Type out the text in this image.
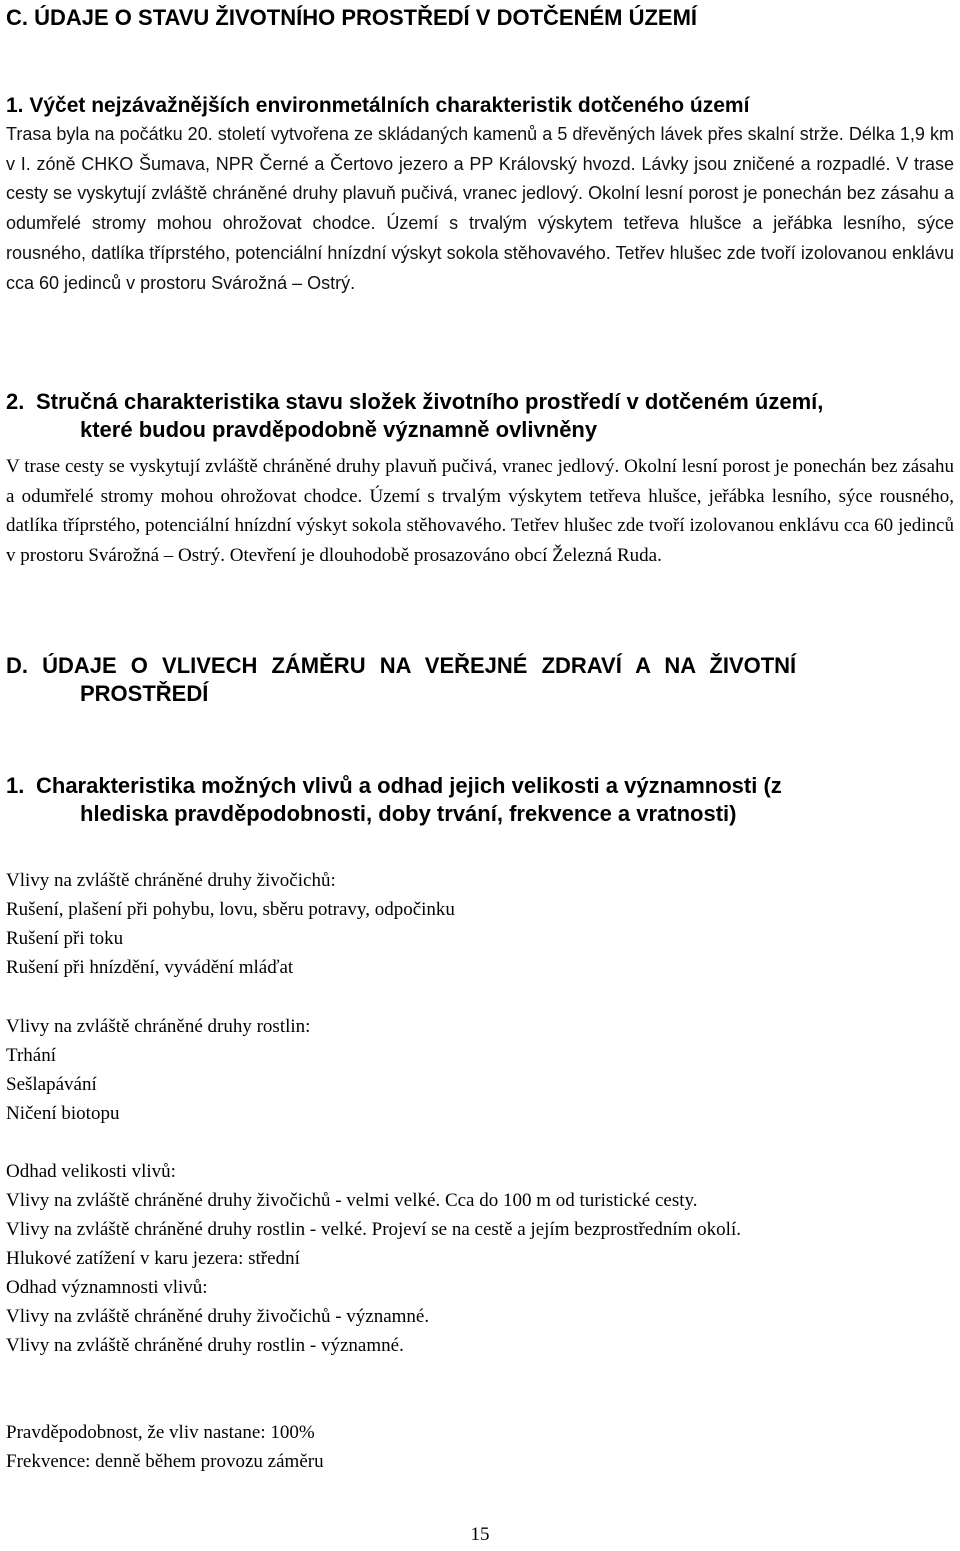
C. ÚDAJE O STAVU ŽIVOTNÍHO PROSTŘEDÍ V DOTČENÉM ÚZEMÍ
1. Výčet nejzávažnějších environmetálních charakteristik dotčeného území

Trasa byla na počátku 20. století vytvořena ze skládaných kamenů a 5 dřevěných lávek přes skalní strže. Délka 1,9 km v I. zóně CHKO Šumava, NPR Černé a Čertovo jezero a PP Královský hvozd. Lávky jsou zničené a rozpadlé. V trase cesty se vyskytují zvláště chráněné druhy plavuň pučivá, vranec jedlový. Okolní lesní porost je ponechán bez zásahu a odumřelé stromy mohou ohrožovat chodce. Území s trvalým výskytem tetřeva hlušce a jeřábka lesního, sýce rousného, datlíka tříprstého, potenciální hnízdní výskyt sokola stěhovavého. Tetřev hlušec zde tvoří izolovanou enklávu cca 60 jedinců v prostoru Svárožná – Ostrý.

2. Stručná charakteristika stavu složek životního prostředí v dotčeném území,
které budou pravděpodobně významně ovlivněny

V trase cesty se vyskytují zvláště chráněné druhy plavuň pučivá, vranec jedlový. Okolní lesní porost je ponechán bez zásahu a odumřelé stromy mohou ohrožovat chodce. Území s trvalým výskytem tetřeva hlušce, jeřábka lesního, sýce rousného, datlíka tříprstého, potenciální hnízdní výskyt sokola stěhovavého. Tetřev hlušec zde tvoří izolovanou enklávu cca 60 jedinců v prostoru Svárožná – Ostrý. Otevření je dlouhodobě prosazováno obcí Železná Ruda.

D. ÚDAJE O VLIVECH ZÁMĚRU NA VEŘEJNÉ ZDRAVÍ A NA ŽIVOTNÍ
PROSTŘEDÍ
1. Charakteristika možných vlivů a odhad jejich velikosti a významnosti (z
hlediska pravděpodobnosti, doby trvání, frekvence a vratnosti)
Vlivy na zvláště chráněné druhy živočichů:
Rušení, plašení při pohybu, lovu, sběru potravy, odpočinku
Rušení při toku
Rušení při hnízdění, vyvádění mláďat
Vlivy na zvláště chráněné druhy rostlin:
Trhání
Sešlapávání
Ničení biotopu
Odhad velikosti vlivů:
Vlivy na zvláště chráněné druhy živočichů - velmi velké. Cca do 100 m od turistické cesty.
Vlivy na zvláště chráněné druhy rostlin - velké. Projeví se na cestě a jejím bezprostředním okolí.
Hlukové zatížení v karu jezera: střední
Odhad významnosti vlivů:
Vlivy na zvláště chráněné druhy živočichů - významné.
Vlivy na zvláště chráněné druhy rostlin - významné.
Pravděpodobnost, že vliv nastane: 100%
Frekvence: denně během provozu záměru
15
